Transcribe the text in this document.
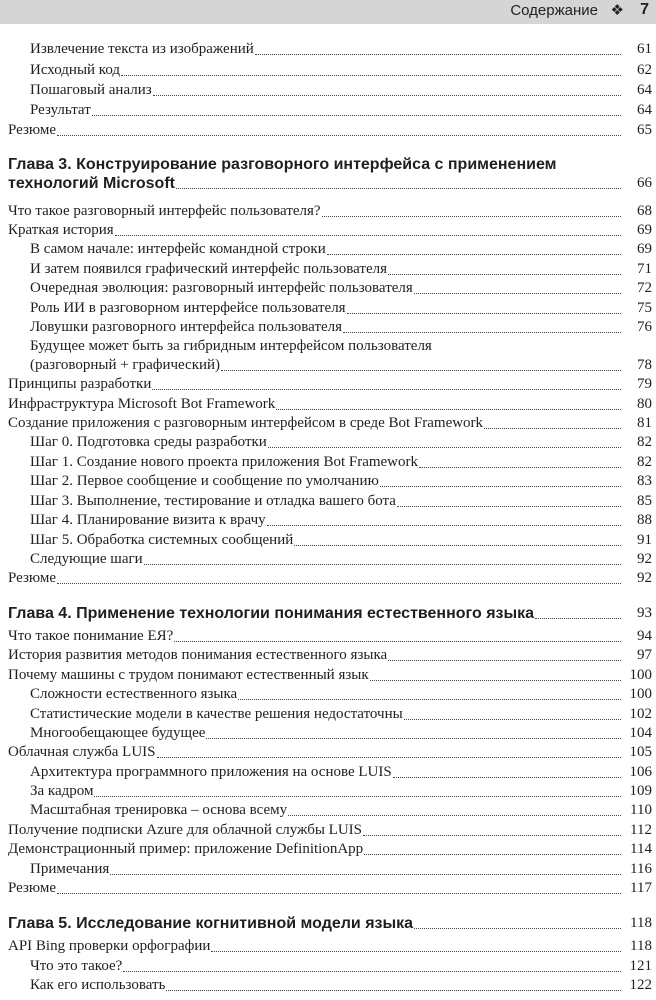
Содержание ❖ 7
Извлечение текста из изображений	61
Исходный код	62
Пошаговый анализ	64
Результат	64
Резюме	65
Глава 3. Конструирование разговорного интерфейса с применением
технологий Microsoft	66
Что такое разговорный интерфейс пользователя?	68
Краткая история	69
В самом начале: интерфейс командной строки	69
И затем появился графический интерфейс пользователя	71
Очередная эволюция: разговорный интерфейс пользователя	72
Роль ИИ в разговорном интерфейсе пользователя	75
Ловушки разговорного интерфейса пользователя	76
Будущее может быть за гибридным интерфейсом пользователя
(разговорный + графический)	78
Принципы разработки	79
Инфраструктура Microsoft Bot Framework	80
Создание приложения с разговорным интерфейсом в среде Bot Framework	81
Шаг 0. Подготовка среды разработки	82
Шаг 1. Создание нового проекта приложения Bot Framework	82
Шаг 2. Первое сообщение и сообщение по умолчанию	83
Шаг 3. Выполнение, тестирование и отладка вашего бота	85
Шаг 4. Планирование визита к врачу	88
Шаг 5. Обработка системных сообщений	91
Следующие шаги	92
Резюме	92
Глава 4. Применение технологии понимания естественного языка	93
Что такое понимание ЕЯ?	94
История развития методов понимания естественного языка	97
Почему машины с трудом понимают естественный язык	100
Сложности естественного языка	100
Статистические модели в качестве решения недостаточны	102
Многообещающее будущее	104
Облачная служба LUIS	105
Архитектура программного приложения на основе LUIS	106
За кадром	109
Масштабная тренировка – основа всему	110
Получение подписки Azure для облачной службы LUIS	112
Демонстрационный пример: приложение DefinitionApp	114
Примечания	116
Резюме	117
Глава 5. Исследование когнитивной модели языка	118
API Bing проверки орфографии	118
Что это такое?	121
Как его использовать	122
